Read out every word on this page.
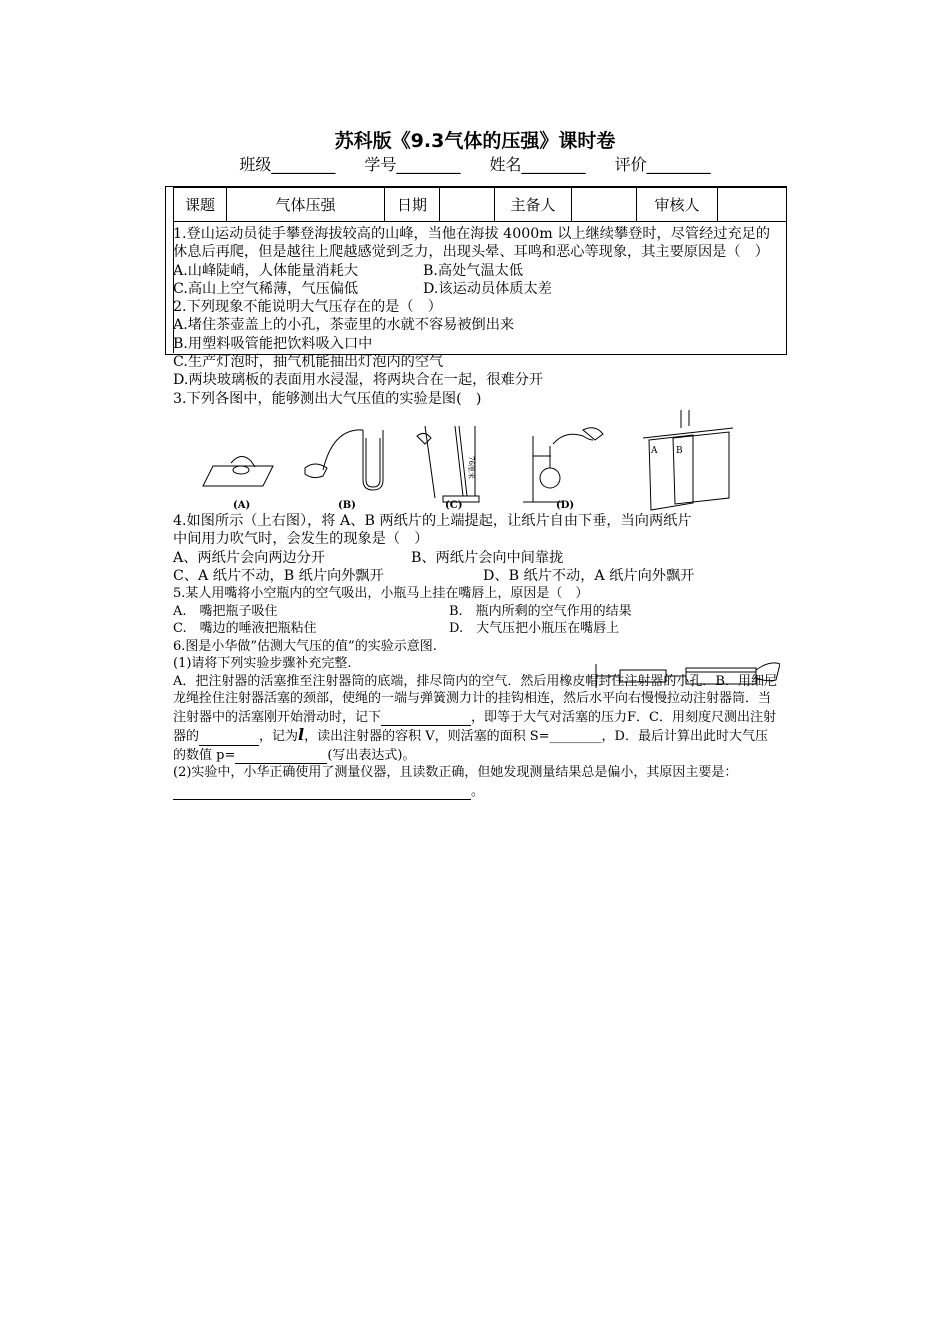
苏科版《9.3气体的压强》课时卷
班级________ 学号________ 姓名________ 评价________
课题	气体压强	日期		主备人		审核人	

1.登山运动员徒手攀登海拔较高的山峰，当他在海拔 4000m 以上继续攀登时，尽管经过充足的休息后再爬，但是越往上爬越感觉到乏力，出现头晕、耳鸣和恶心等现象，其主要原因是（　）

A.山峰陡峭，人体能量消耗大	B.高处气温太低
C.高山上空气稀薄，气压偏低	D.该运动员体质太差

2.下列现象不能说明大气压存在的是（　）

A.堵住茶壶盖上的小孔，茶壶里的水就不容易被倒出来

B.用塑料吸管能把饮料吸入口中

C.生产灯泡时，抽气机能抽出灯泡内的空气

D.两块玻璃板的表面用水浸湿，将两块合在一起，很难分开

3.下列各图中，能够测出大气压值的实验是图(　)

A B
76厘米
(A)	(B)	(C)	(D)

4.如图所示（上右图），将 A、B 两纸片的上端提起，让纸片自由下垂，当向两纸片

中间用力吹气时，会发生的现象是（　）

A、两纸片会向两边分开	B、两纸片会向中间靠拢
C、A 纸片不动，B 纸片向外飘开	D、B 纸片不动，A 纸片向外飘开

5.某人用嘴将小空瓶内的空气吸出，小瓶马上挂在嘴唇上，原因是（　）

A.　嘴把瓶子吸住	B.　瓶内所剩的空气作用的结果
C.　嘴边的唾液把瓶粘住	D.　大气压把小瓶压在嘴唇上

6.图是小华做”估测大气压的值”的实验示意图.

(1)请将下列实验步骤补充完整.

A．把注射器的活塞推至注射器筒的底端，排尽筒内的空气．然后用橡皮帽封住注射器的小孔．B．用细尼龙绳拴住注射器活塞的颈部，使绳的一端与弹簧测力计的挂钩相连，然后水平向右慢慢拉动注射器筒．当注射器中的活塞刚开始滑动时，记下	，即等于大气对活塞的压力F．C．用刻度尺测出注射器的	，记为l，读出注射器的容积 V，则活塞的面积 S=________，D．最后计算出此时大气压的数值 p=	(写出表达式)。

(2)实验中，小华正确使用了测量仪器，且读数正确，但她发现测量结果总是偏小，其原因主要是： 。
